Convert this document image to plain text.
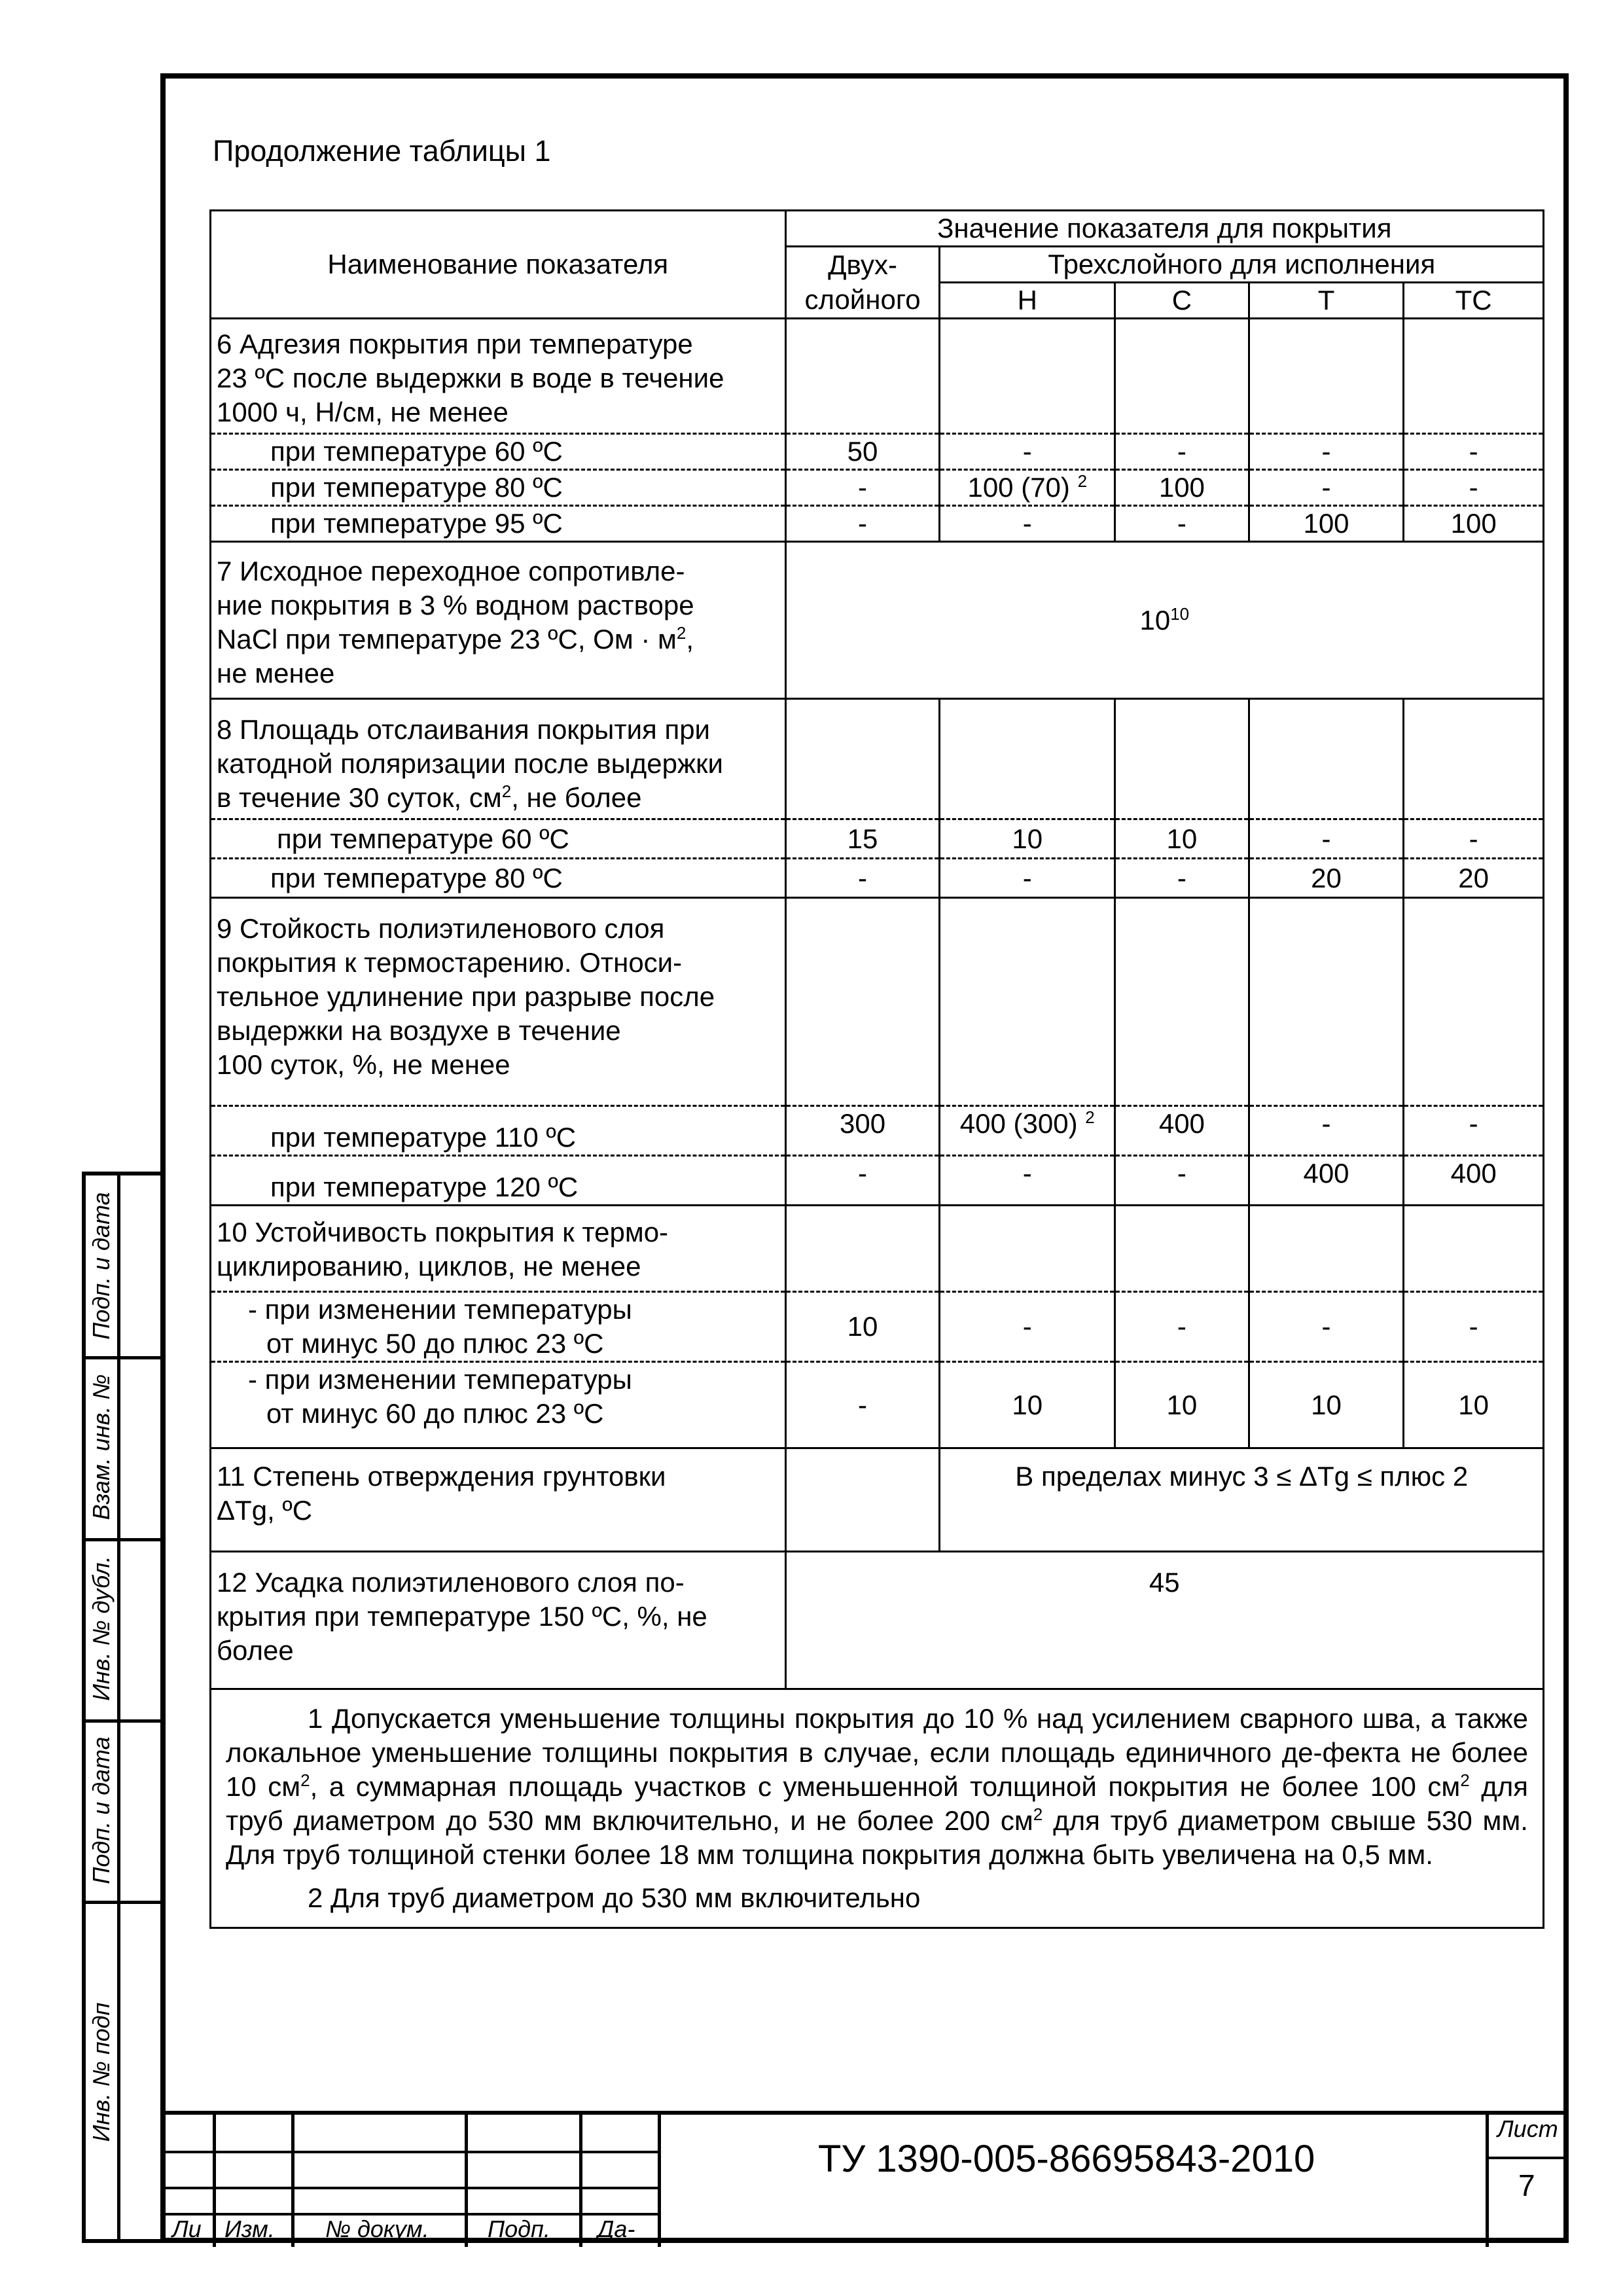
Подп. и дата
Взам. инв. №
Инв. № дубл.
Подп. и дата
Инв. № подп
Продолжение таблицы 1
Наименование показателя	Значение показателя для покрытия				
	Двух-	Трехслойного для исполнения			
	слойного	Н	С	Т	ТС

6 Адгезия покрытия при температуре
23 ºС после выдержки в воде в течение
1000 ч, Н/см, не менее					

при температуре 60 ºС	50	-	-	-	-
при температуре 80 ºС	-	100 (70) $^2$	100	-	-
при температуре 95 ºС	-	-	-	100	100

7 Исходное переходное сопротивле-
ние покрытия в 3 % водном растворе
NaCl при температуре 23 ºС, Ом · $м^2$,
не менее	$10^{10}$

8 Площадь отслаивания покрытия при
катодной поляризации после выдержки
в течение 30 суток, $см^2$, не более					

при температуре 60 ºС	15	10	10	-	-
при температуре 80 ºС	-	-	-	20	20

9 Стойкость полиэтиленового слоя
покрытия к термостарению. Относи-
тельное удлинение при разрыве после
выдержки на воздухе в течение
100 суток, %, не менее					

при температуре 110 ºС	300	400 (300) $^2$	400	-	-
при температуре 120 ºС	-	-	-	400	400

10 Устойчивость покрытия к термо-
циклированию, циклов, не менее					

- при изменении температуры
от минус 50 до плюс 23 ºС	10	-	-	-	-

- при изменении температуры
от минус 60 до плюс 23 ºС	-	10	10	10	10

11 Степень отверждения грунтовки
ΔTg, ºС		В пределах минус 3 ≤ ΔTg ≤ плюс 2			

12 Усадка полиэтиленового слоя по-
крытия при температуре 150 ºС, %, не
более	45				

1 Допускается уменьшение толщины покрытия до 10 % над усилением сварного шва, а также локальное уменьшение толщины покрытия в случае, если площадь единичного де-фекта не более 10 $см^2$, а суммарная площадь участков с уменьшенной толщиной покрытия не более 100 $см^2$ для труб диаметром до 530 мм включительно, и не более 200 $см^2$ для труб диаметром свыше 530 мм. Для труб толщиной стенки более 18 мм толщина покрытия должна быть увеличена на 0,5 мм.
2 Для труб диаметром до 530 мм включительно					
Ли Изм. № докум. Подп. Да-
ТУ 1390-005-86695843-2010
Лист
7
